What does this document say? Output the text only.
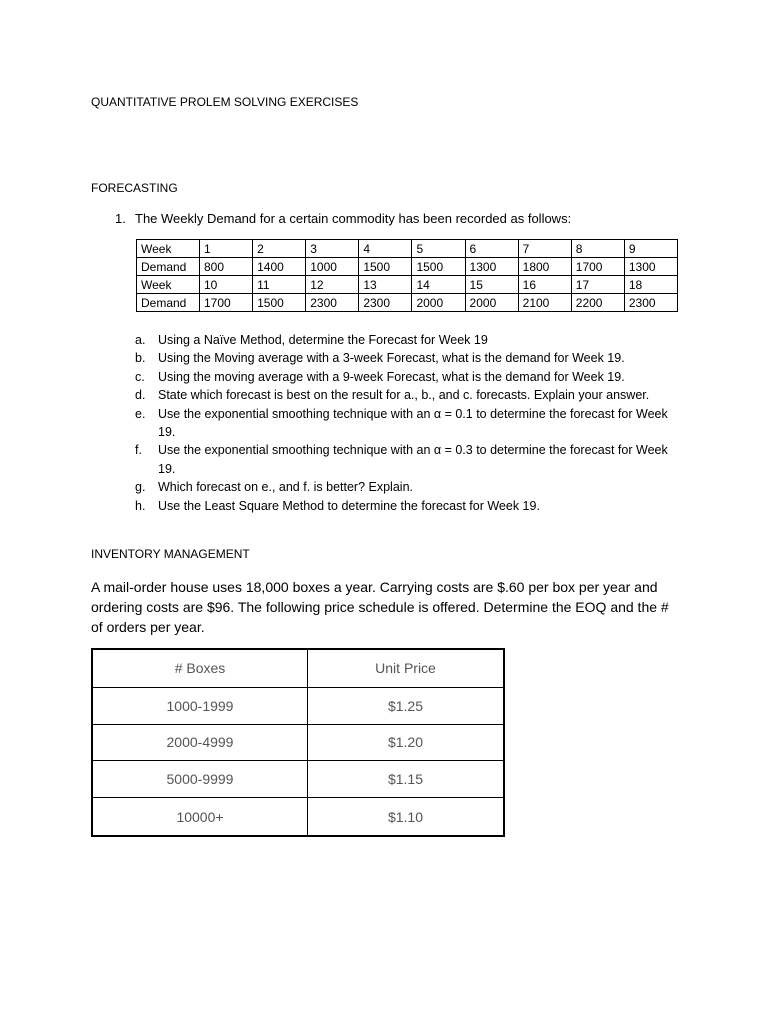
QUANTITATIVE PROLEM SOLVING EXERCISES
FORECASTING
1. The Weekly Demand for a certain commodity has been recorded as follows:
Week	1	2	3	4	5	6	7	8	9
Demand	800	1400	1000	1500	1500	1300	1800	1700	1300
Week	10	11	12	13	14	15	16	17	18
Demand	1700	1500	2300	2300	2000	2000	2100	2200	2300
a. Using a Naïve Method, determine the Forecast for Week 19
b. Using the Moving average with a 3-week Forecast, what is the demand for Week 19.
c. Using the moving average with a 9-week Forecast, what is the demand for Week 19.
d. State which forecast is best on the result for a., b., and c. forecasts. Explain your answer.
e. Use the exponential smoothing technique with an α = 0.1 to determine the forecast for Week 19.
f. Use the exponential smoothing technique with an α = 0.3 to determine the forecast for Week 19.
g. Which forecast on e., and f. is better? Explain.
h. Use the Least Square Method to determine the forecast for Week 19.
INVENTORY MANAGEMENT
A mail-order house uses 18,000 boxes a year. Carrying costs are $.60 per box per year and ordering costs are $96. The following price schedule is offered. Determine the EOQ and the # of orders per year.
# Boxes	Unit Price
1000-1999	$1.25
2000-4999	$1.20
5000-9999	$1.15
10000+	$1.10
